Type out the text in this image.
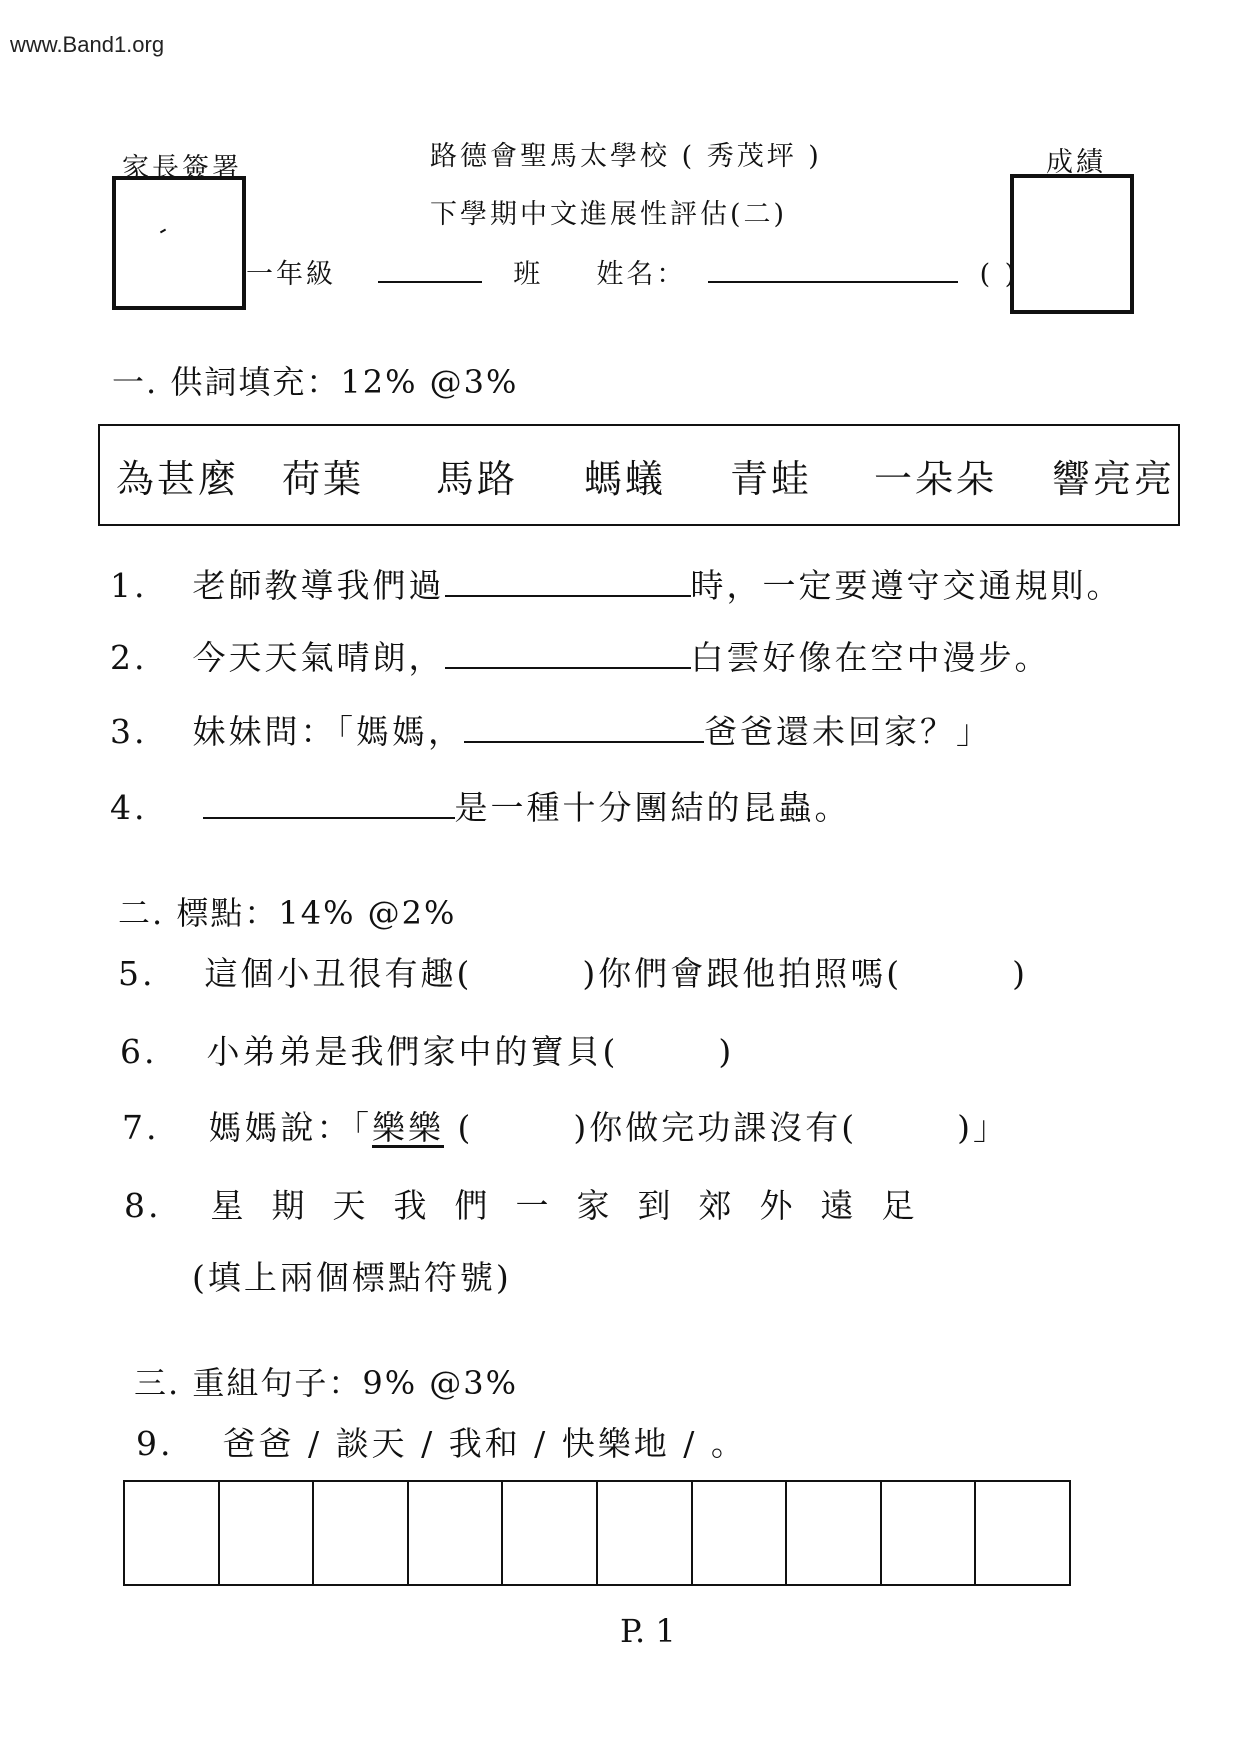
www.Band1.org
家長簽署	路德會聖馬太學校 ( 秀茂坪 )
下學期中文進展性評估(二)
一年級	班 姓名：	( )
成績
一. 供詞填充：12% @3%
為甚麼 荷葉 馬路 螞蟻 青蛙 一朵朵 響亮亮
1. 老師教導我們過	時，一定要遵守交通規則。
2. 今天天氣晴朗，	白雲好像在空中漫步。
3. 妹妹問：「媽媽，	爸爸還未回家？」
4.	是一種十分團結的昆蟲。
二. 標點：14% @2%
5. 這個小丑很有趣(	)你們會跟他拍照嗎(	)
6. 小弟弟是我們家中的寶貝(	)
7. 媽媽說：「樂樂 (	)你做完功課沒有(	)」
8. 星期天我們一家到郊外遠足
(填上兩個標點符號)
三. 重組句子：9% @3%
9. 爸爸 / 談天 / 我和 / 快樂地 / 。
P. 1
